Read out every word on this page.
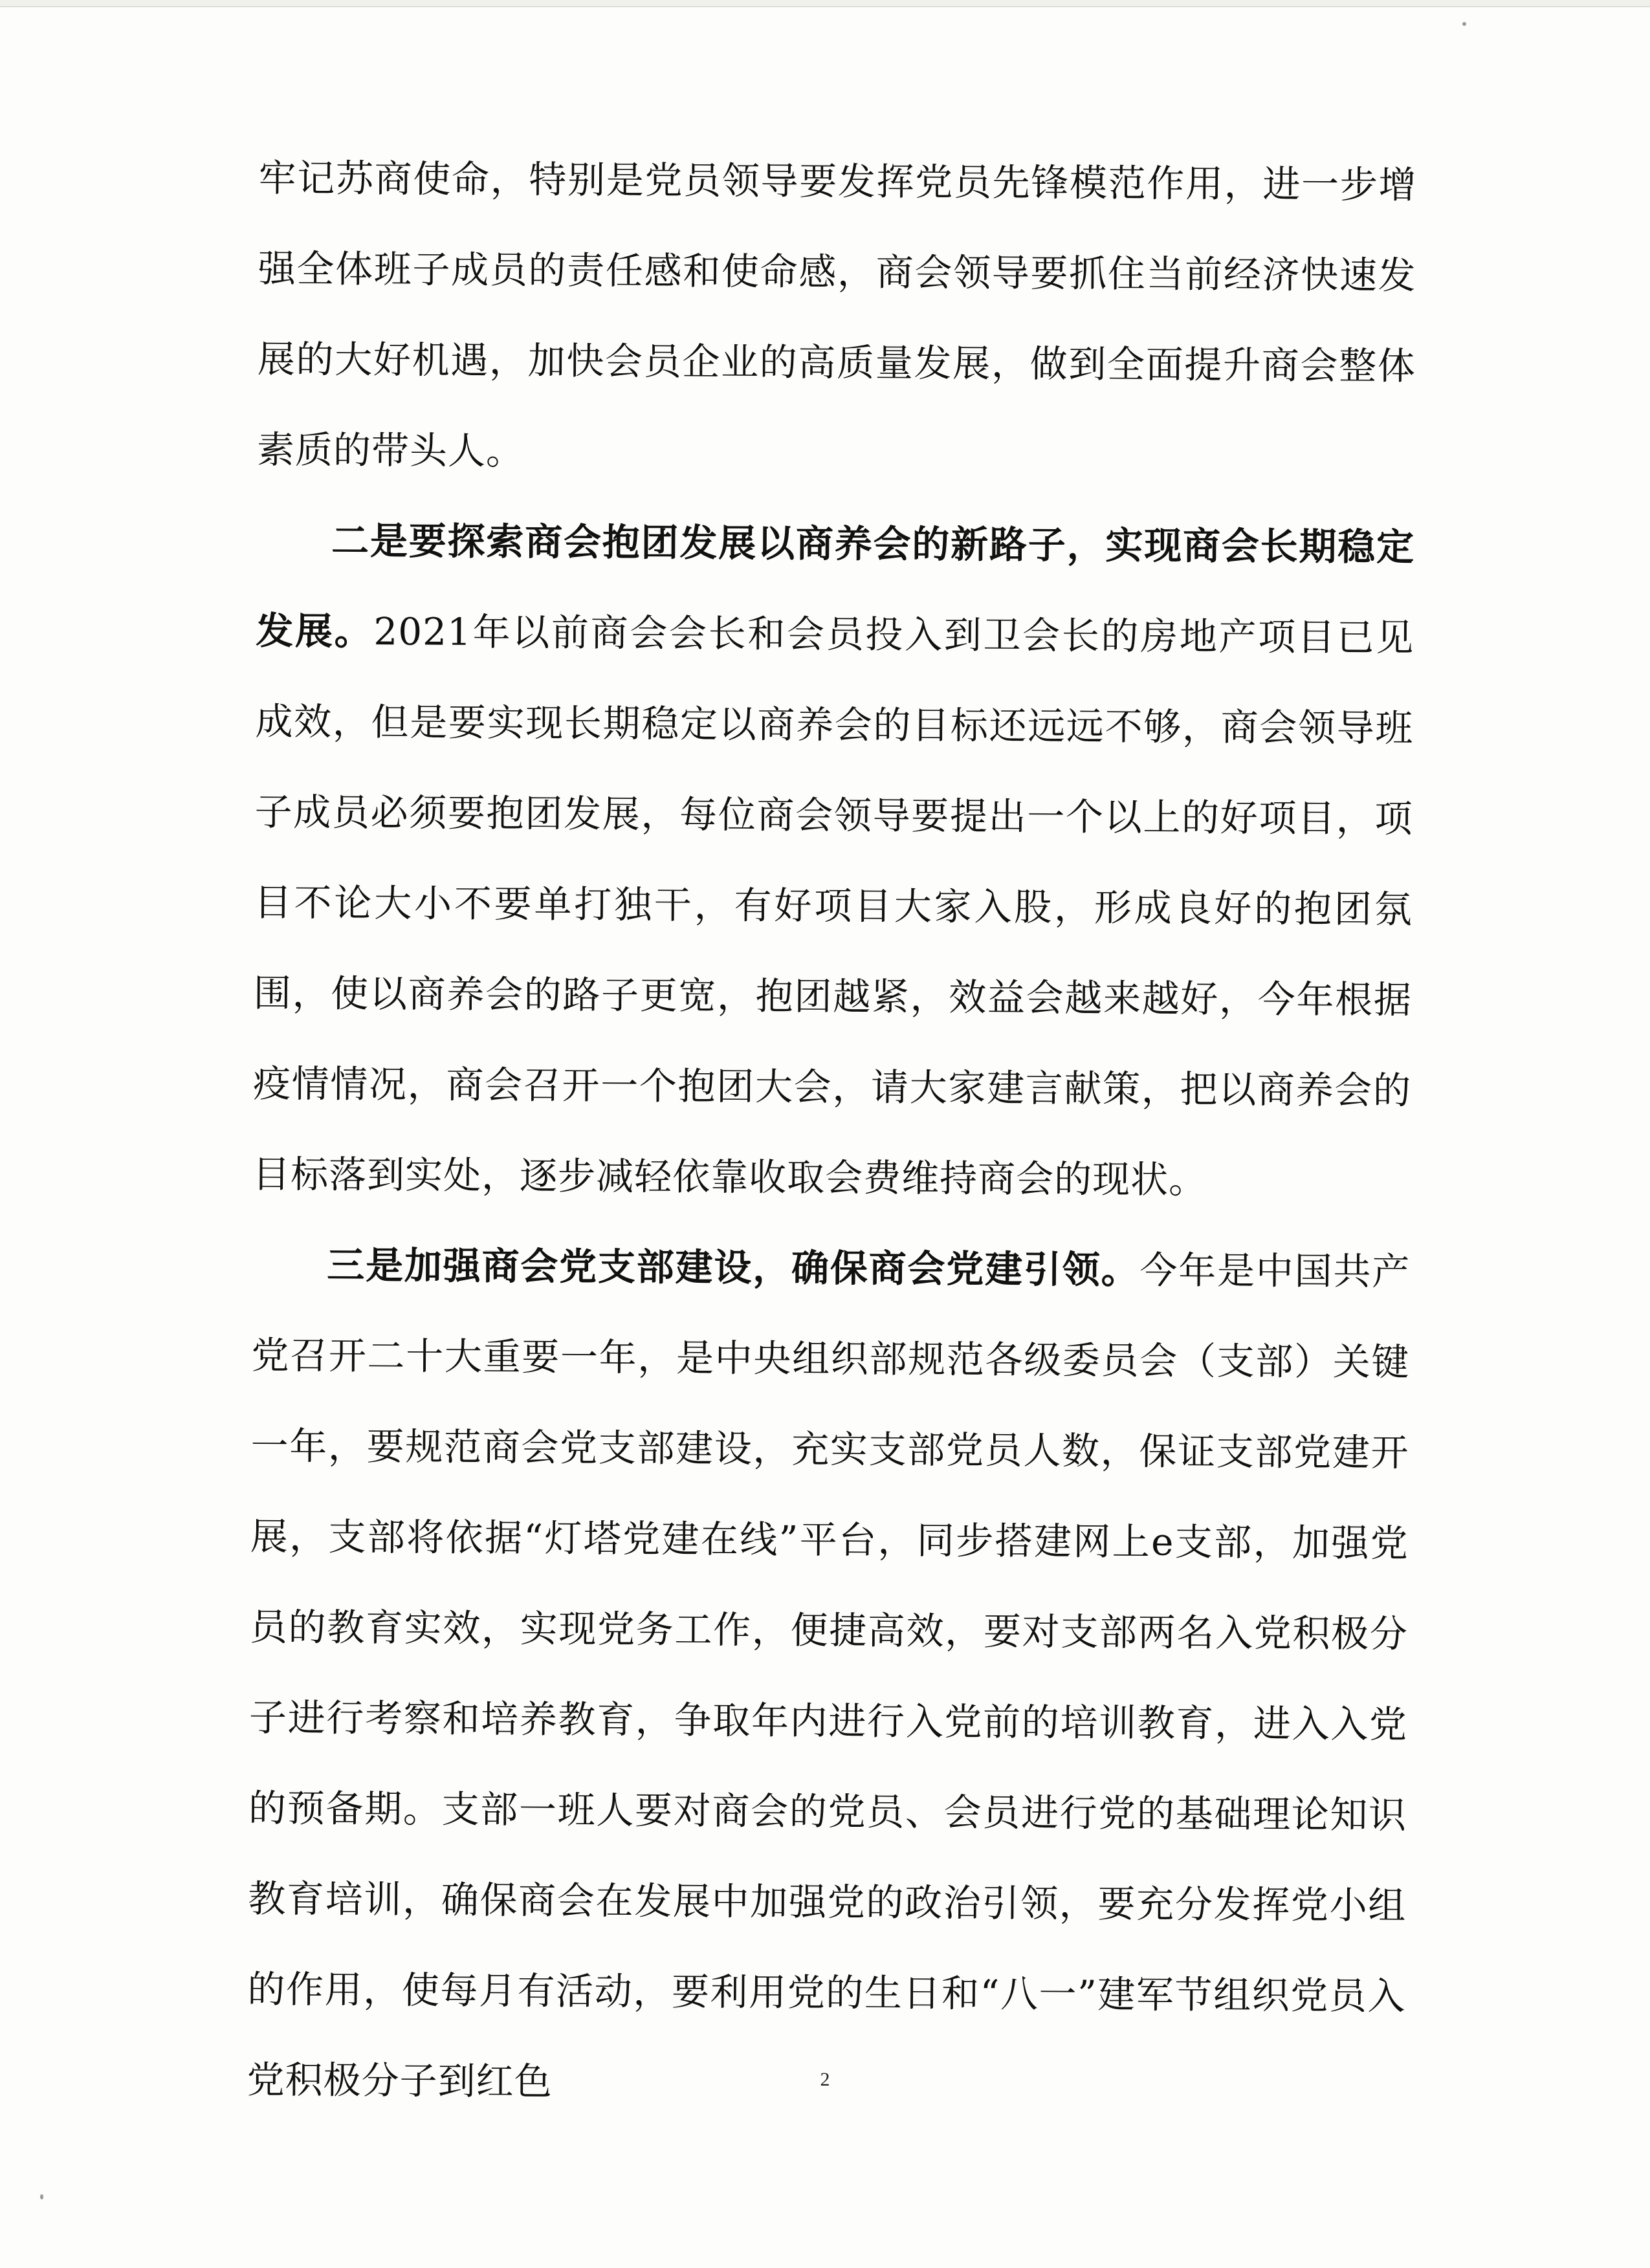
牢记苏商使命，特别是党员领导要发挥党员先锋模范作用，进一步增强全体班子成员的责任感和使命感，商会领导要抓住当前经济快速发展的大好机遇，加快会员企业的高质量发展，做到全面提升商会整体素质的带头人。

二是要探索商会抱团发展以商养会的新路子，实现商会长期稳定发展。2021年以前商会会长和会员投入到卫会长的房地产项目已见成效，但是要实现长期稳定以商养会的目标还远远不够，商会领导班子成员必须要抱团发展，每位商会领导要提出一个以上的好项目，项目不论大小不要单打独干，有好项目大家入股，形成良好的抱团氛围，使以商养会的路子更宽，抱团越紧，效益会越来越好，今年根据疫情情况，商会召开一个抱团大会，请大家建言献策，把以商养会的目标落到实处，逐步减轻依靠收取会费维持商会的现状。

三是加强商会党支部建设，确保商会党建引领。今年是中国共产党召开二十大重要一年，是中央组织部规范各级委员会（支部）关键一年，要规范商会党支部建设，充实支部党员人数，保证支部党建开展，支部将依据“灯塔党建在线”平台，同步搭建网上e支部，加强党员的教育实效，实现党务工作，便捷高效，要对支部两名入党积极分子进行考察和培养教育，争取年内进行入党前的培训教育，进入入党的预备期。支部一班人要对商会的党员、会员进行党的基础理论知识教育培训，确保商会在发展中加强党的政治引领，要充分发挥党小组的作用，使每月有活动，要利用党的生日和“八一”建军节组织党员入党积极分子到红色	2
